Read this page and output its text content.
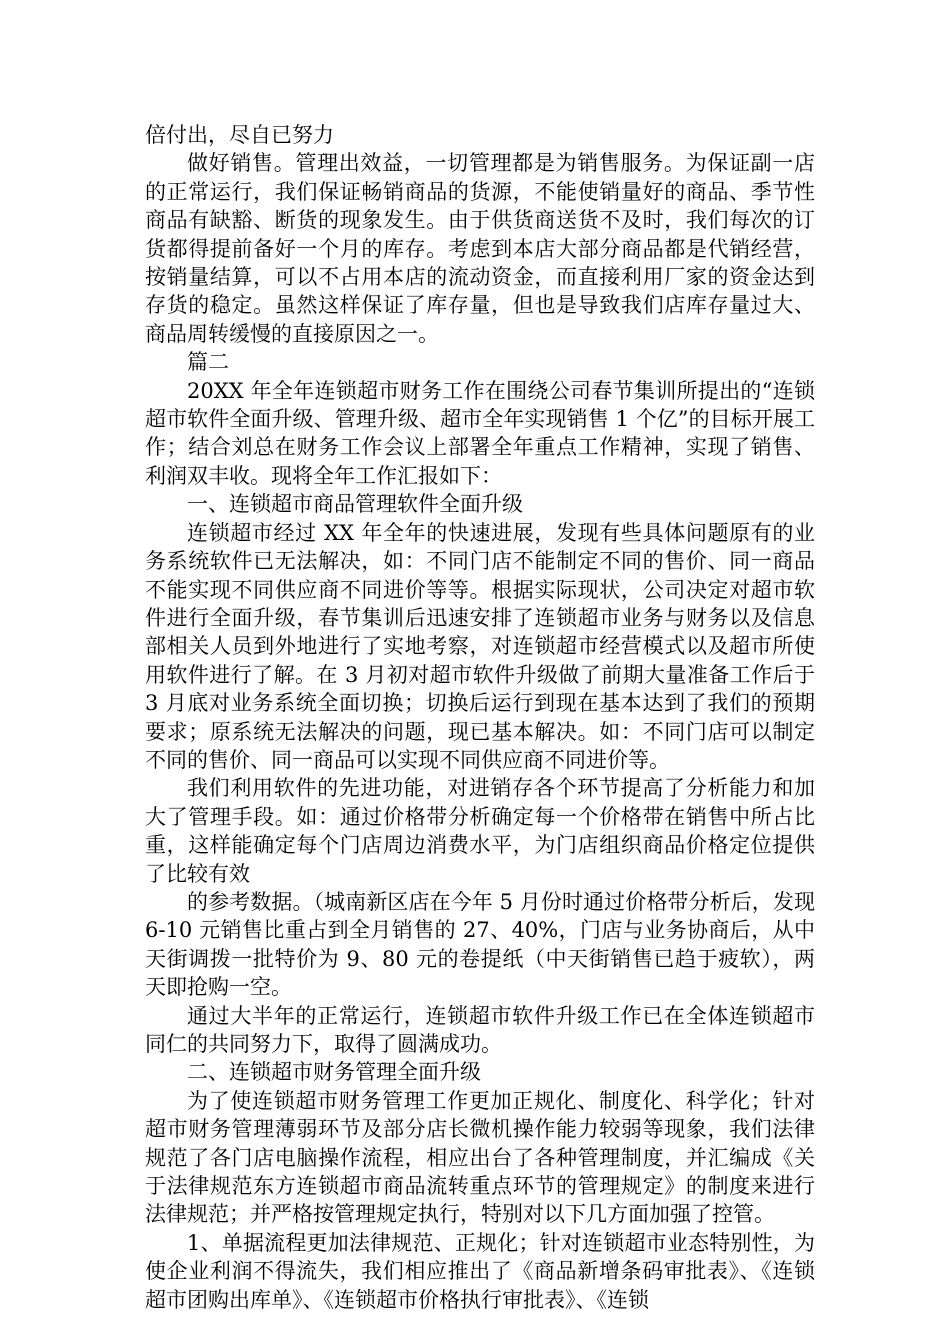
倍付出，尽自已努力

做好销售。管理出效益，一切管理都是为销售服务。为保证副一店的正常运行，我们保证畅销商品的货源，不能使销量好的商品、季节性商品有缺豁、断货的现象发生。由于供货商送货不及时，我们每次的订货都得提前备好一个月的库存。考虑到本店大部分商品都是代销经营，按销量结算，可以不占用本店的流动资金，而直接利用厂家的资金达到存货的稳定。虽然这样保证了库存量，但也是导致我们店库存量过大、商品周转缓慢的直接原因之一。

篇二

20XX 年全年连锁超市财务工作在围绕公司春节集训所提出的“连锁超市软件全面升级、管理升级、超市全年实现销售 1 个亿”的目标开展工作；结合刘总在财务工作会议上部署全年重点工作精神，实现了销售、利润双丰收。现将全年工作汇报如下：

一、连锁超市商品管理软件全面升级

连锁超市经过 XX 年全年的快速进展，发现有些具体问题原有的业务系统软件已无法解决，如：不同门店不能制定不同的售价、同一商品不能实现不同供应商不同进价等等。根据实际现状，公司决定对超市软件进行全面升级，春节集训后迅速安排了连锁超市业务与财务以及信息部相关人员到外地进行了实地考察，对连锁超市经营模式以及超市所使用软件进行了解。在 3 月初对超市软件升级做了前期大量准备工作后于 3 月底对业务系统全面切换；切换后运行到现在基本达到了我们的预期要求；原系统无法解决的问题，现已基本解决。如：不同门店可以制定不同的售价、同一商品可以实现不同供应商不同进价等。

我们利用软件的先进功能，对进销存各个环节提高了分析能力和加大了管理手段。如：通过价格带分析确定每一个价格带在销售中所占比重，这样能确定每个门店周边消费水平，为门店组织商品价格定位提供了比较有效

的参考数据。（城南新区店在今年 5 月份时通过价格带分析后，发现 6-10 元销售比重占到全月销售的 27、40%，门店与业务协商后，从中天街调拨一批特价为 9、80 元的卷提纸（中天街销售已趋于疲软），两天即抢购一空。

通过大半年的正常运行，连锁超市软件升级工作已在全体连锁超市同仁的共同努力下，取得了圆满成功。

二、连锁超市财务管理全面升级

为了使连锁超市财务管理工作更加正规化、制度化、科学化；针对超市财务管理薄弱环节及部分店长微机操作能力较弱等现象，我们法律规范了各门店电脑操作流程，相应出台了各种管理制度，并汇编成《关于法律规范东方连锁超市商品流转重点环节的管理规定》的制度来进行法律规范；并严格按管理规定执行，特别对以下几方面加强了控管。

1、单据流程更加法律规范、正规化；针对连锁超市业态特别性，为使企业利润不得流失，我们相应推出了《商品新增条码审批表》、《连锁超市团购出库单》、《连锁超市价格执行审批表》、《连锁
